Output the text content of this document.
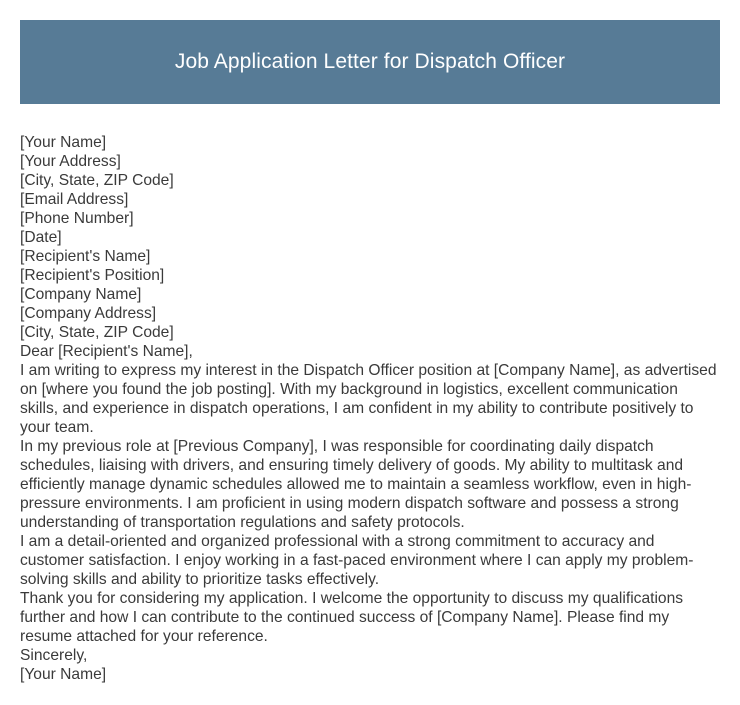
Job Application Letter for Dispatch Officer
[Your Name]
[Your Address]
[City, State, ZIP Code]
[Email Address]
[Phone Number]
[Date]
[Recipient's Name]
[Recipient's Position]
[Company Name]
[Company Address]
[City, State, ZIP Code]
Dear [Recipient's Name],

I am writing to express my interest in the Dispatch Officer position at [Company Name], as advertised on [where you found the job posting]. With my background in logistics, excellent communication skills, and experience in dispatch operations, I am confident in my ability to contribute positively to your team.

In my previous role at [Previous Company], I was responsible for coordinating daily dispatch schedules, liaising with drivers, and ensuring timely delivery of goods. My ability to multitask and efficiently manage dynamic schedules allowed me to maintain a seamless workflow, even in high-pressure environments. I am proficient in using modern dispatch software and possess a strong understanding of transportation regulations and safety protocols.

I am a detail-oriented and organized professional with a strong commitment to accuracy and customer satisfaction. I enjoy working in a fast-paced environment where I can apply my problem-solving skills and ability to prioritize tasks effectively.

Thank you for considering my application. I welcome the opportunity to discuss my qualifications further and how I can contribute to the continued success of [Company Name]. Please find my resume attached for your reference.

Sincerely,
[Your Name]
